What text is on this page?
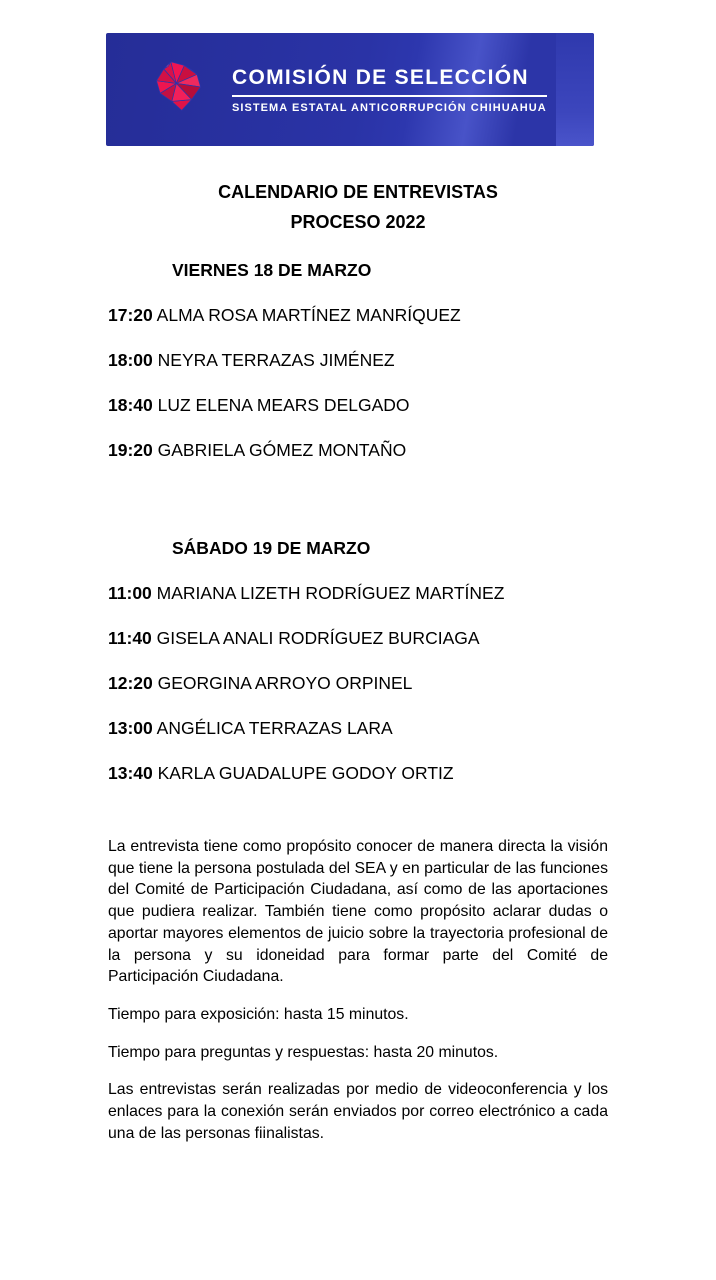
COMISIÓN DE SELECCIÓN
SISTEMA ESTATAL ANTICORRUPCIÓN CHIHUAHUA
CALENDARIO DE ENTREVISTAS
PROCESO 2022
VIERNES 18 DE MARZO
17:20 ALMA ROSA MARTÍNEZ MANRÍQUEZ
18:00 NEYRA TERRAZAS JIMÉNEZ
18:40 LUZ ELENA MEARS DELGADO
19:20 GABRIELA GÓMEZ MONTAÑO
SÁBADO 19 DE MARZO
11:00 MARIANA LIZETH RODRÍGUEZ MARTÍNEZ
11:40 GISELA ANALI RODRÍGUEZ BURCIAGA
12:20 GEORGINA ARROYO ORPINEL
13:00 ANGÉLICA TERRAZAS LARA
13:40 KARLA GUADALUPE GODOY ORTIZ

La entrevista tiene como propósito conocer de manera directa la visión que tiene la persona postulada del SEA y en particular de las funciones del Comité de Participación Ciudadana, así como de las aportaciones que pudiera realizar. También tiene como propósito aclarar dudas o aportar mayores elementos de juicio sobre la trayectoria profesional de la persona y su idoneidad para formar parte del Comité de Participación Ciudadana.

Tiempo para exposición: hasta 15 minutos.

Tiempo para preguntas y respuestas: hasta 20 minutos.

Las entrevistas serán realizadas por medio de videoconferencia y los enlaces para la conexión serán enviados por correo electrónico a cada una de las personas fiinalistas.
